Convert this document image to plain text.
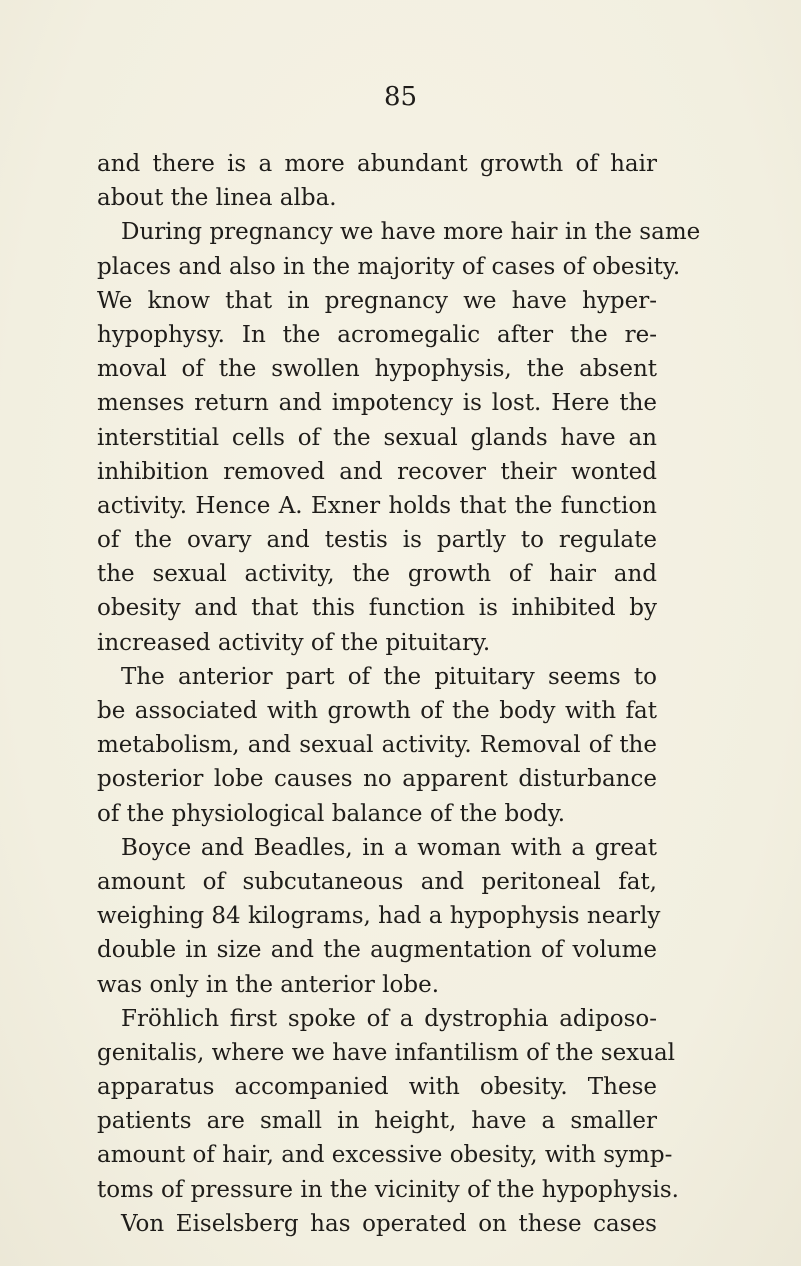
85
and there is a more abundant growth of hair
about the linea alba.
During pregnancy we have more hair in the same
places and also in the majority of cases of obesity.
We know that in pregnancy we have hyper-
hypophysy. In the acromegalic after the re-
moval of the swollen hypophysis, the absent
menses return and impotency is lost. Here the
interstitial cells of the sexual glands have an
inhibition removed and recover their wonted
activity. Hence A. Exner holds that the function
of the ovary and testis is partly to regulate
the sexual activity, the growth of hair and
obesity and that this function is inhibited by
increased activity of the pituitary.
The anterior part of the pituitary seems to
be associated with growth of the body with fat
metabolism, and sexual activity. Removal of the
posterior lobe causes no apparent disturbance
of the physiological balance of the body.
Boyce and Beadles, in a woman with a great
amount of subcutaneous and peritoneal fat,
weighing 84 kilograms, had a hypophysis nearly
double in size and the augmentation of volume
was only in the anterior lobe.
Fröhlich first spoke of a dystrophia adiposo-
genitalis, where we have infantilism of the sexual
apparatus accompanied with obesity. These
patients are small in height, have a smaller
amount of hair, and excessive obesity, with symp-
toms of pressure in the vicinity of the hypophysis.
Von Eiselsberg has operated on these cases
